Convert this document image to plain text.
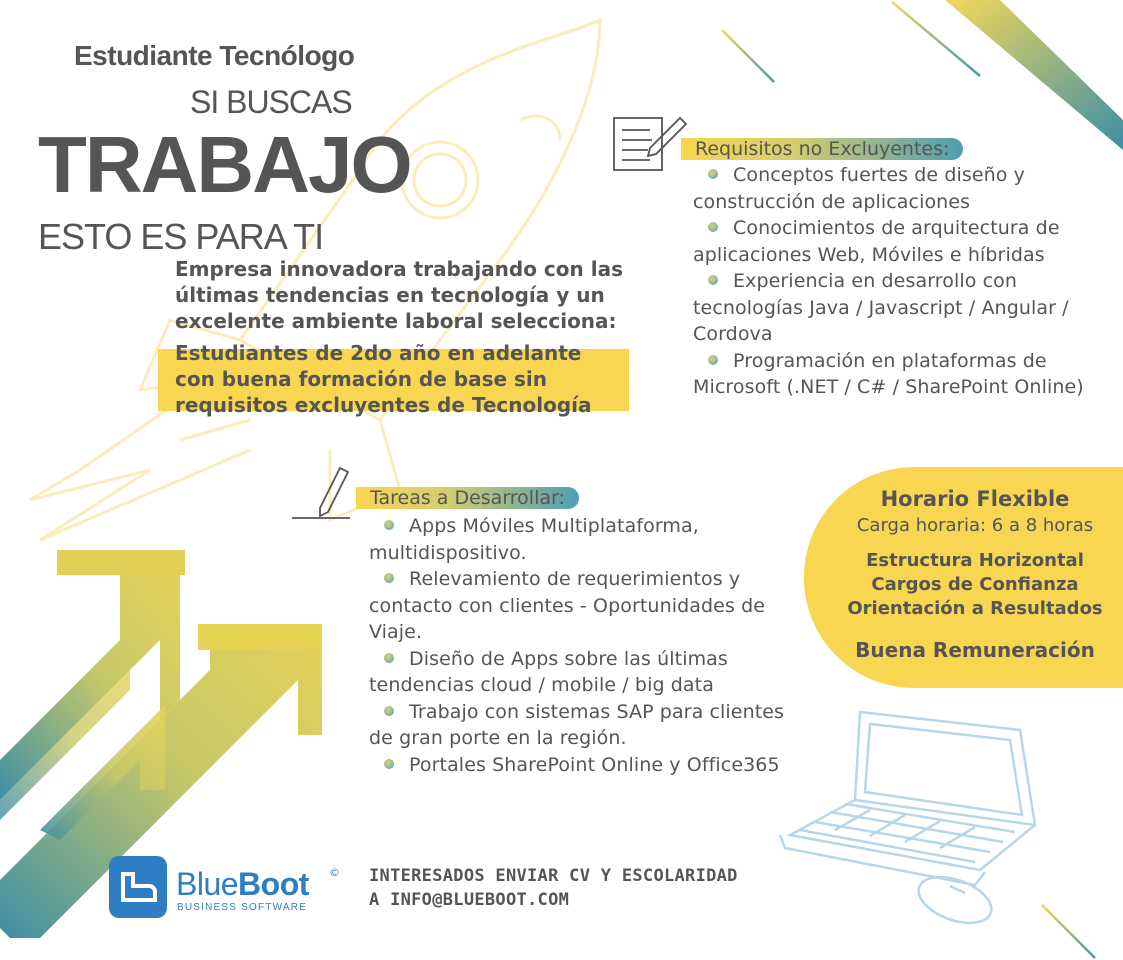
Estudiante Tecnólogo
SI BUSCAS
TRABAJO
ESTO ES PARA TI
Empresa innovadora trabajando con las últimas tendencias en tecnología y un excelente ambiente laboral selecciona:
Estudiantes de 2do año en adelante con buena formación de base sin requisitos excluyentes de Tecnología
Requisitos no Excluyentes:
Conceptos fuertes de diseño y construcción de aplicaciones
Conocimientos de arquitectura de aplicaciones Web, Móviles e híbridas
Experiencia en desarrollo con tecnologías Java / Javascript / Angular / Cordova
Programación en plataformas de Microsoft (.NET / C# / SharePoint Online)
Tareas a Desarrollar:
Apps Móviles Multiplataforma, multidispositivo.
Relevamiento de requerimientos y contacto con clientes - Oportunidades de Viaje.
Diseño de Apps sobre las últimas tendencias cloud / mobile / big data
Trabajo con sistemas SAP para clientes de gran porte en la región.
Portales SharePoint Online y Office365
Horario Flexible
Carga horaria: 6 a 8 horas
Estructura Horizontal
Cargos de Confianza
Orientación a Resultados
Buena Remuneración
BlueBoot ©
BUSINESS SOFTWARE
INTERESADOS ENVIAR CV Y ESCOLARIDAD
A INFO@BLUEBOOT.COM
